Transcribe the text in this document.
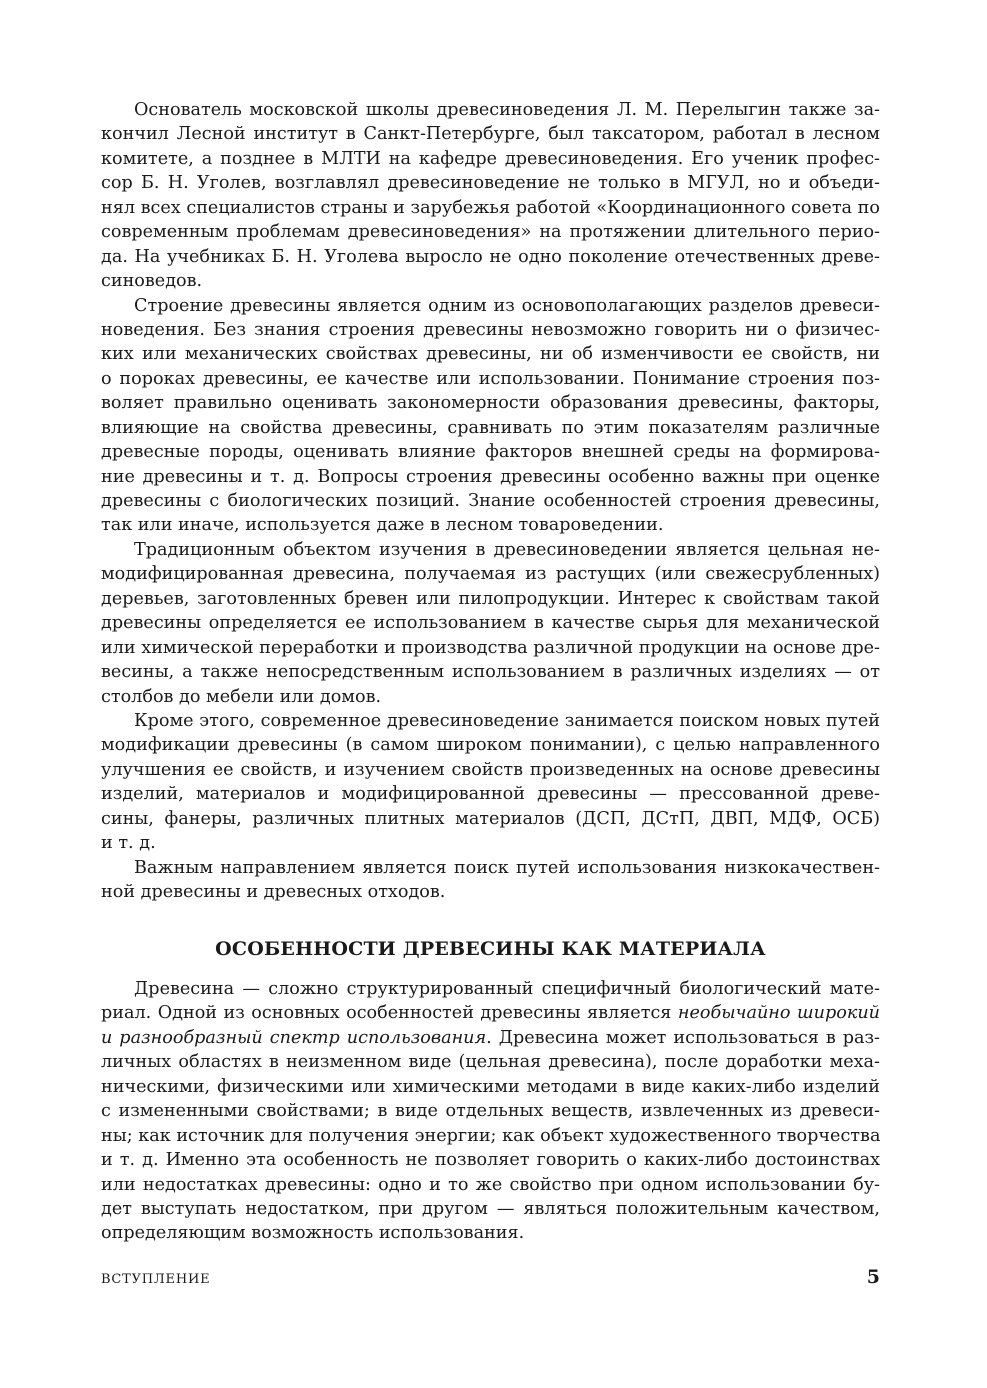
Основатель московской школы древесиноведения Л. М. Перелыгин также за-
кончил Лесной институт в Санкт-Петербурге, был таксатором, работал в лесном
комитете, а позднее в МЛТИ на кафедре древесиноведения. Его ученик профес-
сор Б. Н. Уголев, возглавлял древесиноведение не только в МГУЛ, но и объеди-
нял всех специалистов страны и зарубежья работой «Координационного совета по
современным проблемам древесиноведения» на протяжении длительного перио-
да. На учебниках Б. Н. Уголева выросло не одно поколение отечественных древе-
синоведов.
Строение древесины является одним из основополагающих разделов древеси-
новедения. Без знания строения древесины невозможно говорить ни о физичес-
ких или механических свойствах древесины, ни об изменчивости ее свойств, ни
о пороках древесины, ее качестве или использовании. Понимание строения поз-
воляет правильно оценивать закономерности образования древесины, факторы,
влияющие на свойства древесины, сравнивать по этим показателям различные
древесные породы, оценивать влияние факторов внешней среды на формирова-
ние древесины и т. д. Вопросы строения древесины особенно важны при оценке
древесины с биологических позиций. Знание особенностей строения древесины,
так или иначе, используется даже в лесном товароведении.
Традиционным объектом изучения в древесиноведении является цельная не-
модифицированная древесина, получаемая из растущих (или свежесрубленных)
деревьев, заготовленных бревен или пилопродукции. Интерес к свойствам такой
древесины определяется ее использованием в качестве сырья для механической
или химической переработки и производства различной продукции на основе дре-
весины, а также непосредственным использованием в различных изделиях — от
столбов до мебели или домов.
Кроме этого, современное древесиноведение занимается поиском новых путей
модификации древесины (в самом широком понимании), с целью направленного
улучшения ее свойств, и изучением свойств произведенных на основе древесины
изделий, материалов и модифицированной древесины — прессованной древе-
сины, фанеры, различных плитных материалов (ДСП, ДСтП, ДВП, МДФ, ОСБ)
и т. д.
Важным направлением является поиск путей использования низкокачествен-
ной древесины и древесных отходов.
ОСОБЕННОСТИ ДРЕВЕСИНЫ КАК МАТЕРИАЛА
Древесина — сложно структурированный специфичный биологический мате-
риал. Одной из основных особенностей древесины является необычайно широкий
и разнообразный спектр использования. Древесина может использоваться в раз-
личных областях в неизменном виде (цельная древесина), после доработки меха-
ническими, физическими или химическими методами в виде каких-либо изделий
с измененными свойствами; в виде отдельных веществ, извлеченных из древеси-
ны; как источник для получения энергии; как объект художественного творчества
и т. д. Именно эта особенность не позволяет говорить о каких-либо достоинствах
или недостатках древесины: одно и то же свойство при одном использовании бу-
дет выступать недостатком, при другом — являться положительным качеством,
определяющим возможность использования.
ВСТУПЛЕНИЕ	5
